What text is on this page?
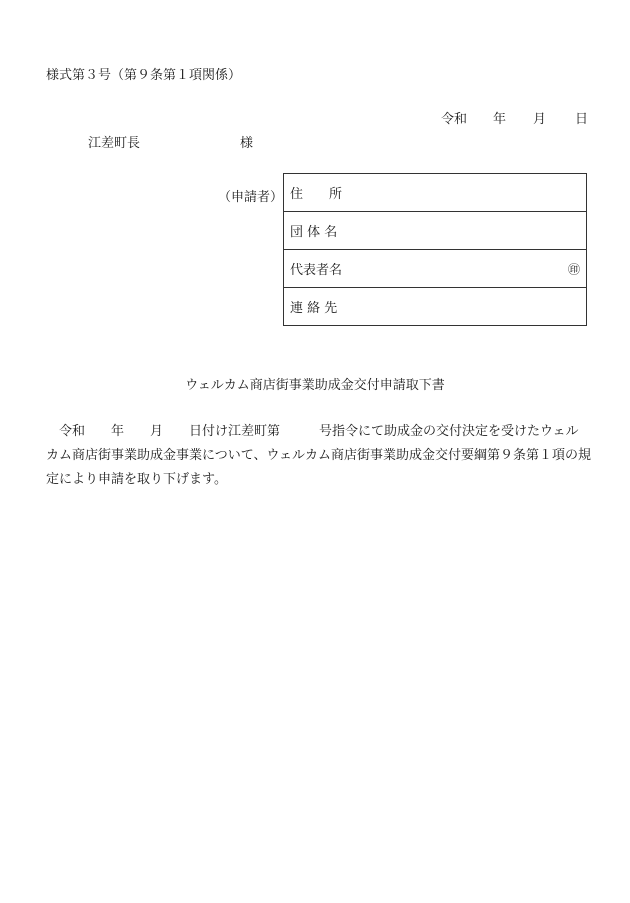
様式第３号（第９条第１項関係）
令和 年 月 日
江差町長	様
（申請者） 住　　所
団 体 名
代表者名	㊞

連 絡 先
ウェルカム商店街事業助成金交付申請取下書
　令和　　年　　月　　日付け江差町第　　　号指令にて助成金の交付決定を受けたウェル
カム商店街事業助成金事業について、ウェルカム商店街事業助成金交付要綱第９条第１項の規
定により申請を取り下げます。
